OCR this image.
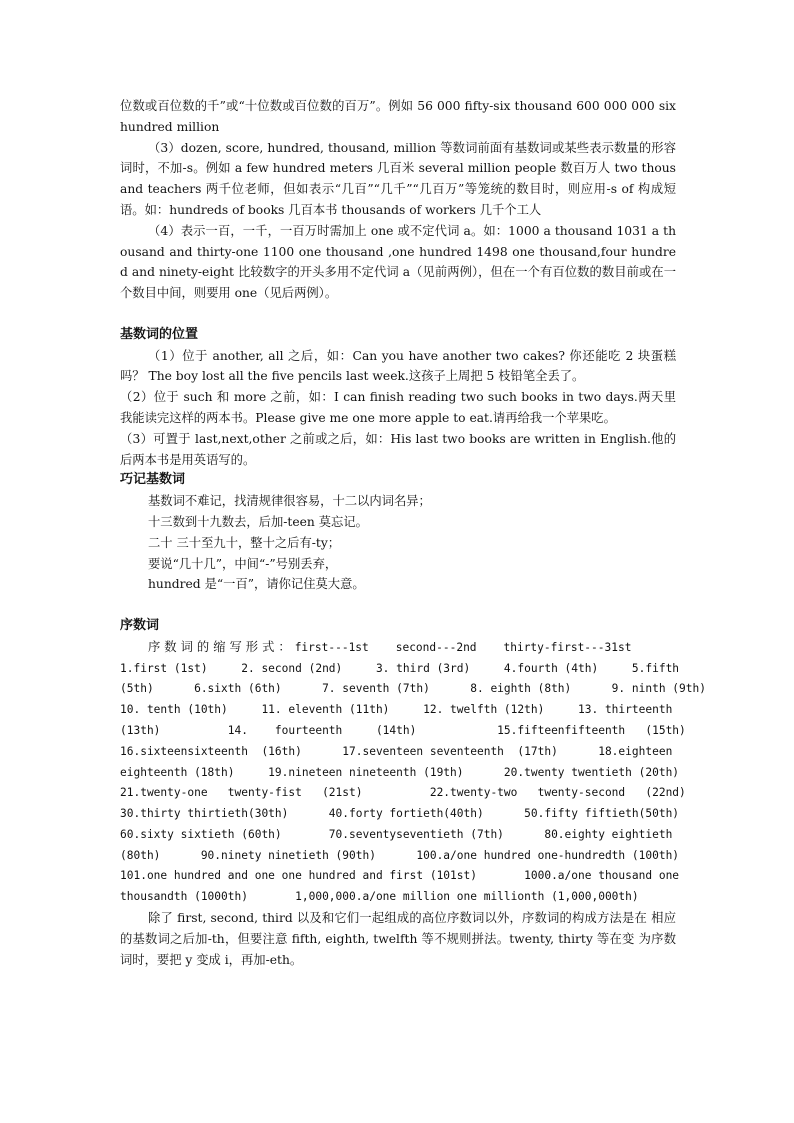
位数或百位数的千”或“十位数或百位数的百万”。例如 56 000 fifty-six thousand 600 000 000 six hundred million

（3）dozen, score, hundred, thousand, million 等数词前面有基数词或某些表示数量的形容词时，不加-s。例如 a few hundred meters 几百米 several million people 数百万人 two thousand teachers 两千位老师，但如表示“几百”“几千”“几百万”等笼统的数目时，则应用-s of 构成短语。如：hundreds of books 几百本书 thousands of workers 几千个工人

（4）表示一百，一千，一百万时需加上 one 或不定代词 a。如：1000 a thousand 1031 a thousand and thirty-one 1100 one thousand ,one hundred 1498 one thousand,four hundred and ninety-eight 比较数字的开头多用不定代词 a（见前两例），但在一个有百位数的数目前或在一个数目中间，则要用 one（见后两例）。

基数词的位置

（1）位于 another, all 之后，如：Can you have another two cakes? 你还能吃 2 块蛋糕吗？ The boy lost all the five pencils last week.这孩子上周把 5 枝铅笔全丢了。

（2）位于 such 和 more 之前，如：I can finish reading two such books in two days.两天里我能读完这样的两本书。Please give me one more apple to eat.请再给我一个苹果吃。

（3）可置于 last,next,other 之前或之后，如：His last two books are written in English.他的后两本书是用英语写的。

巧记基数词

基数词不难记，找清规律很容易，十二以内词名异；

十三数到十九数去，后加-teen 莫忘记。

二十 三十至九十，整十之后有-ty；

要说“几十几”，中间“-”号别丢弃，

hundred 是“一百”，请你记住莫大意。

序数词

序数词的缩写形式：first---1st    second---2nd    thirty-first---31st

1.first (1st)     2. second (2nd)     3. third (3rd)     4.fourth (4th)     5.fifth

(5th)      6.sixth (6th)      7. seventh (7th)      8. eighth (8th)      9. ninth (9th)

10. tenth (10th)     11. eleventh (11th)     12. twelfth (12th)     13. thirteenth

(13th)          14.    fourteenth     (14th)            15.fifteenfifteenth   (15th)

16.sixteensixteenth  (16th)      17.seventeen seventeenth  (17th)      18.eighteen

eighteenth (18th)     19.nineteen nineteenth (19th)      20.twenty twentieth (20th)

21.twenty-one   twenty-fist   (21st)          22.twenty-two   twenty-second   (22nd)

30.thirty thirtieth(30th)      40.forty fortieth(40th)      50.fifty fiftieth(50th)

60.sixty sixtieth (60th)       70.seventyseventieth (7th)      80.eighty eightieth

(80th)      90.ninety ninetieth (90th)      100.a/one hundred one-hundredth (100th)

101.one hundred and one one hundred and first (101st)       1000.a/one thousand one

thousandth (1000th)       1,000,000.a/one million one millionth (1,000,000th)

除了 first, second, third 以及和它们一起组成的高位序数词以外，序数词的构成方法是在 相应的基数词之后加-th，但要注意 fifth, eighth, twelfth 等不规则拼法。twenty, thirty 等在变 为序数词时，要把 y 变成 i，再加-eth。
